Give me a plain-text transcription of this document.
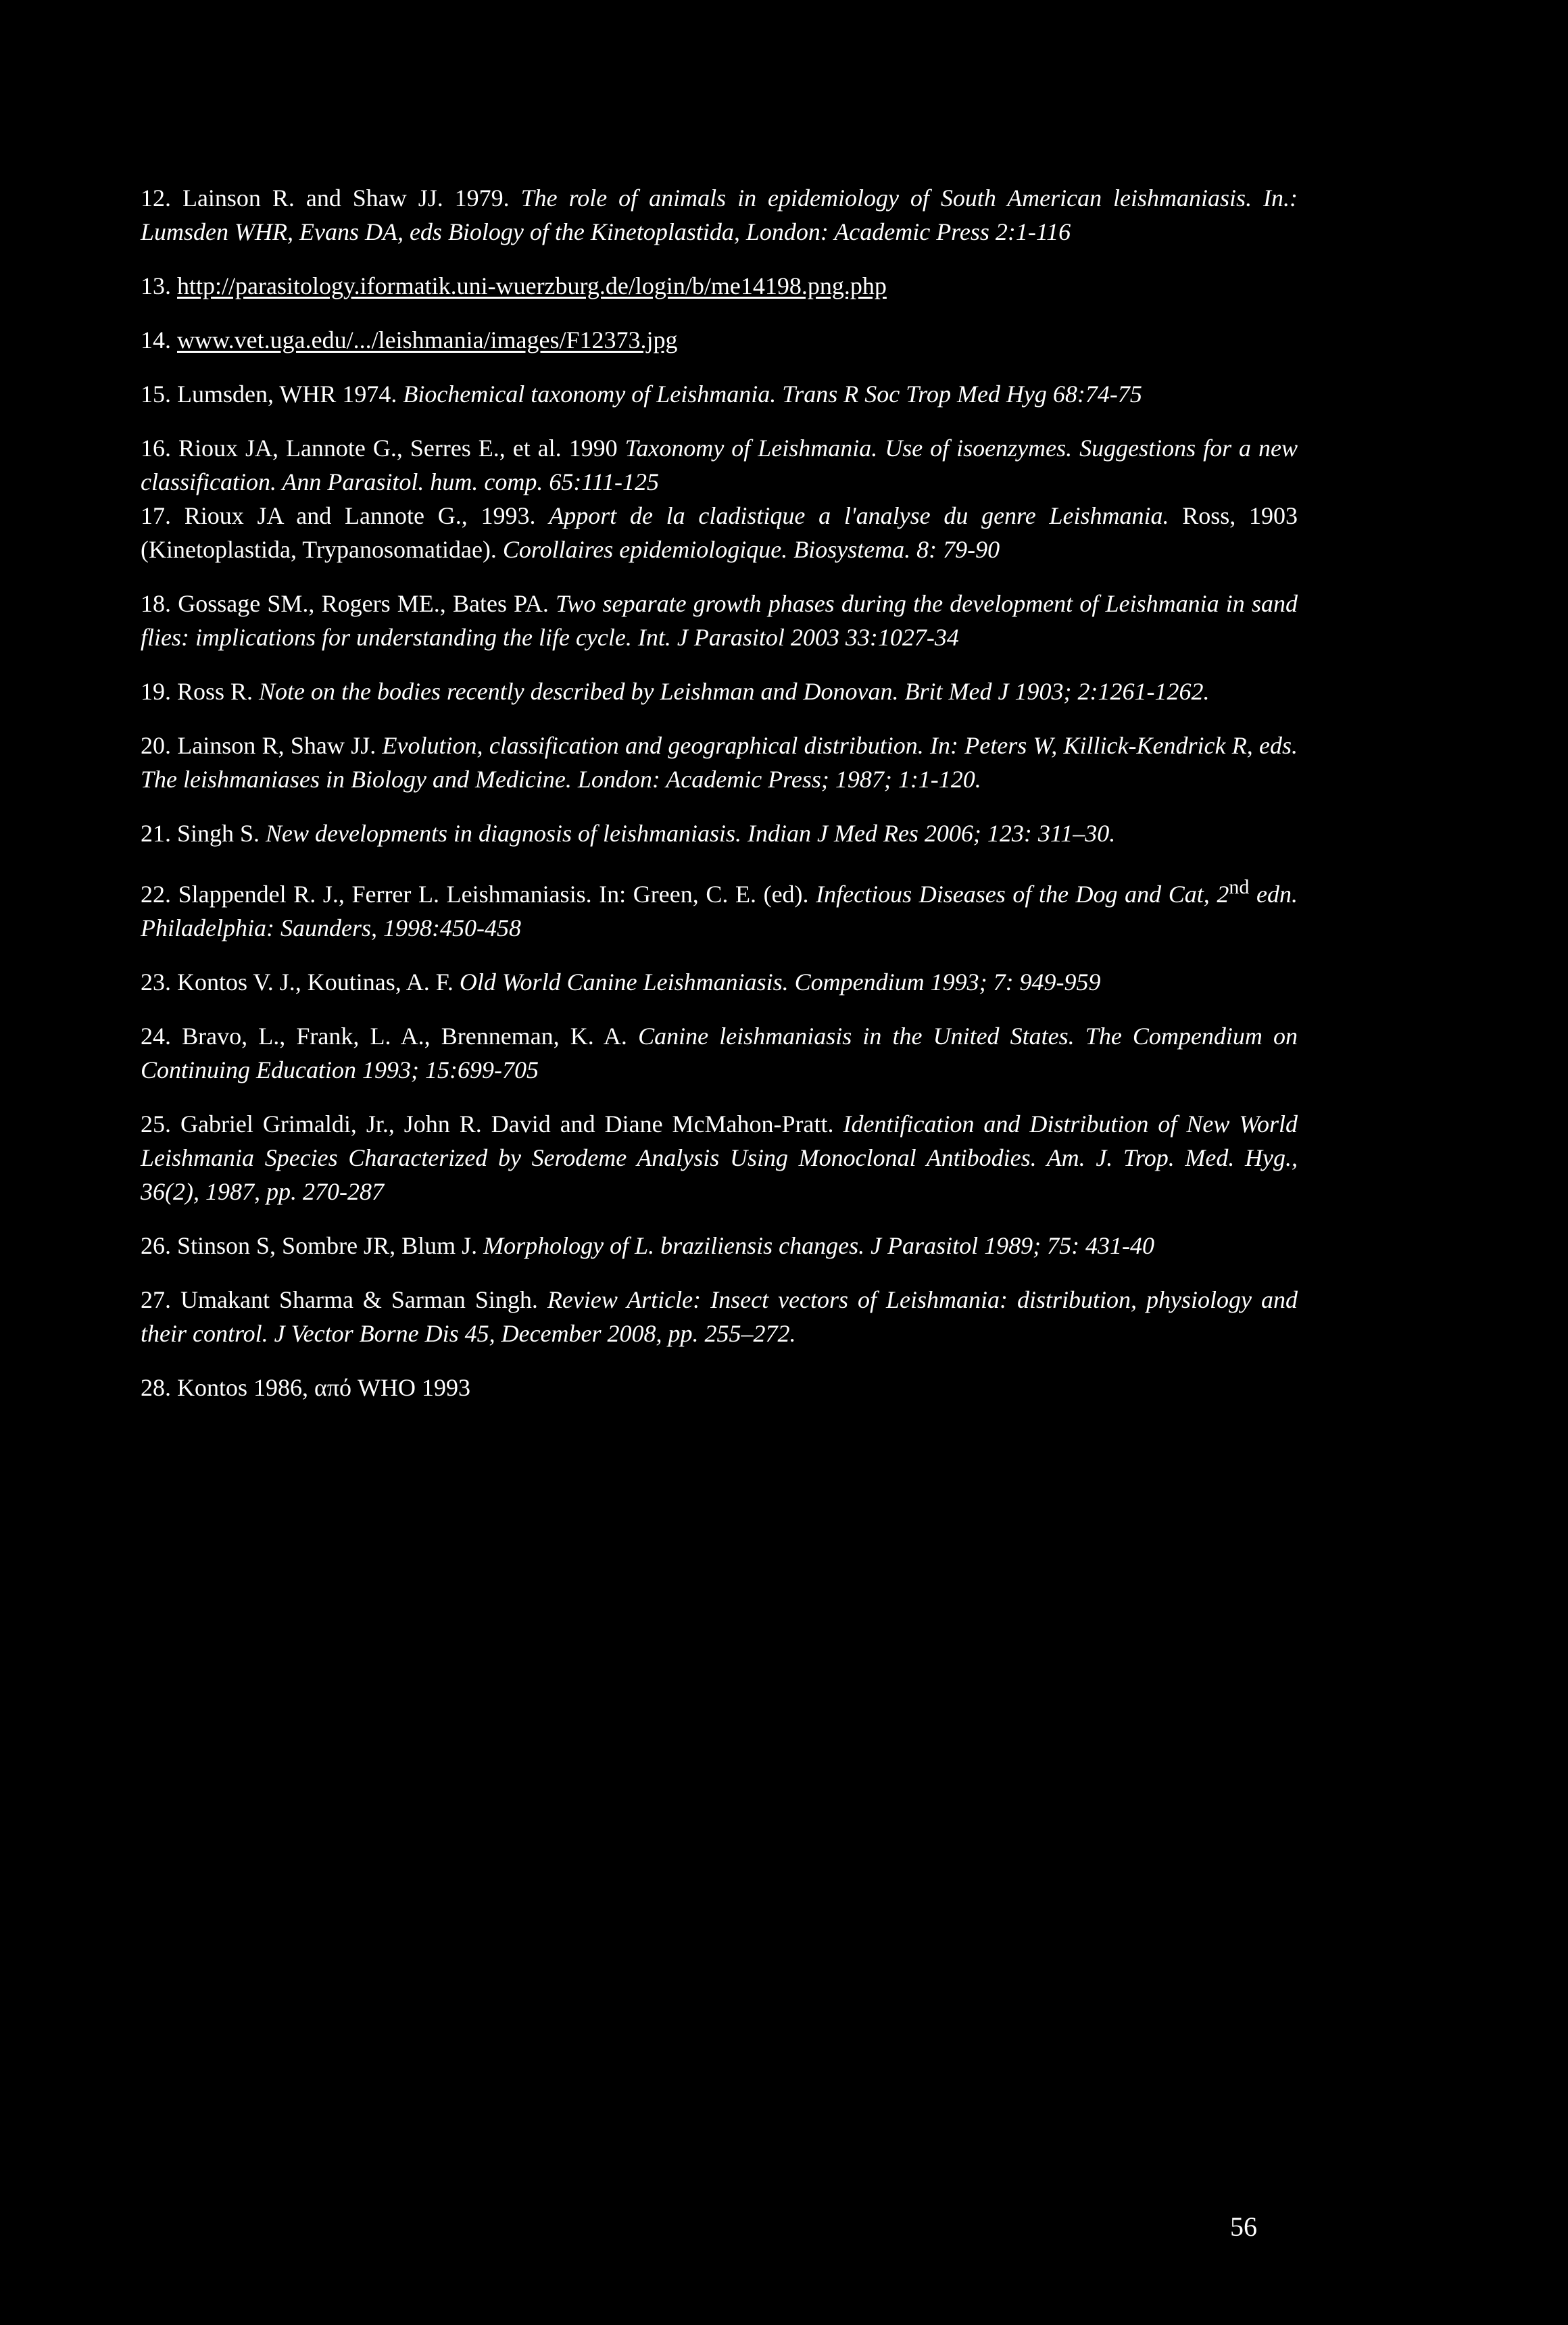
12. Lainson R. and Shaw JJ. 1979. The role of animals in epidemiology of South American leishmaniasis. In.: Lumsden WHR, Evans DA, eds Biology of the Kinetoplastida, London: Academic Press 2:1-116

13. http://parasitology.iformatik.uni-wuerzburg.de/login/b/me14198.png.php

14. www.vet.uga.edu/.../leishmania/images/F12373.jpg

15. Lumsden, WHR 1974. Biochemical taxonomy of Leishmania. Trans R Soc Trop Med Hyg 68:74-75

16. Rioux JA, Lannote G., Serres E., et al. 1990 Taxonomy of Leishmania. Use of isoenzymes. Suggestions for a new classification. Ann Parasitol. hum. comp. 65:111-125

17. Rioux JA and Lannote G., 1993. Apport de la cladistique a l'analyse du genre Leishmania. Ross, 1903 (Kinetoplastida, Trypanosomatidae). Corollaires epidemiologique. Biosystema. 8: 79-90

18. Gossage SM., Rogers ME., Bates PA. Two separate growth phases during the development of Leishmania in sand flies: implications for understanding the life cycle. Int. J Parasitol 2003 33:1027-34

19. Ross R. Note on the bodies recently described by Leishman and Donovan. Brit Med J 1903; 2:1261-1262.

20. Lainson R, Shaw JJ. Evolution, classification and geographical distribution. In: Peters W, Killick-Kendrick R, eds. The leishmaniases in Biology and Medicine. London: Academic Press; 1987; 1:1-120.

21. Singh S. New developments in diagnosis of leishmaniasis. Indian J Med Res 2006; 123: 311–30.

22. Slappendel R. J., Ferrer L. Leishmaniasis. In: Green, C. E. (ed). Infectious Diseases of the Dog and Cat, 2nd edn. Philadelphia: Saunders, 1998:450-458

23. Kontos V. J., Koutinas, A. F. Old World Canine Leishmaniasis. Compendium 1993; 7: 949-959

24. Bravo, L., Frank, L. A., Brenneman, K. A. Canine leishmaniasis in the United States. The Compendium on Continuing Education 1993; 15:699-705

25. Gabriel Grimaldi, Jr., John R. David and Diane McMahon-Pratt. Identification and Distribution of New World Leishmania Species Characterized by Serodeme Analysis Using Monoclonal Antibodies. Am. J. Trop. Med. Hyg., 36(2), 1987, pp. 270-287

26. Stinson S, Sombre JR, Blum J. Morphology of L. braziliensis changes. J Parasitol 1989; 75: 431-40

27. Umakant Sharma & Sarman Singh. Review Article: Insect vectors of Leishmania: distribution, physiology and their control. J Vector Borne Dis 45, December 2008, pp. 255–272.

28. Kontos 1986, από WHO 1993

56
